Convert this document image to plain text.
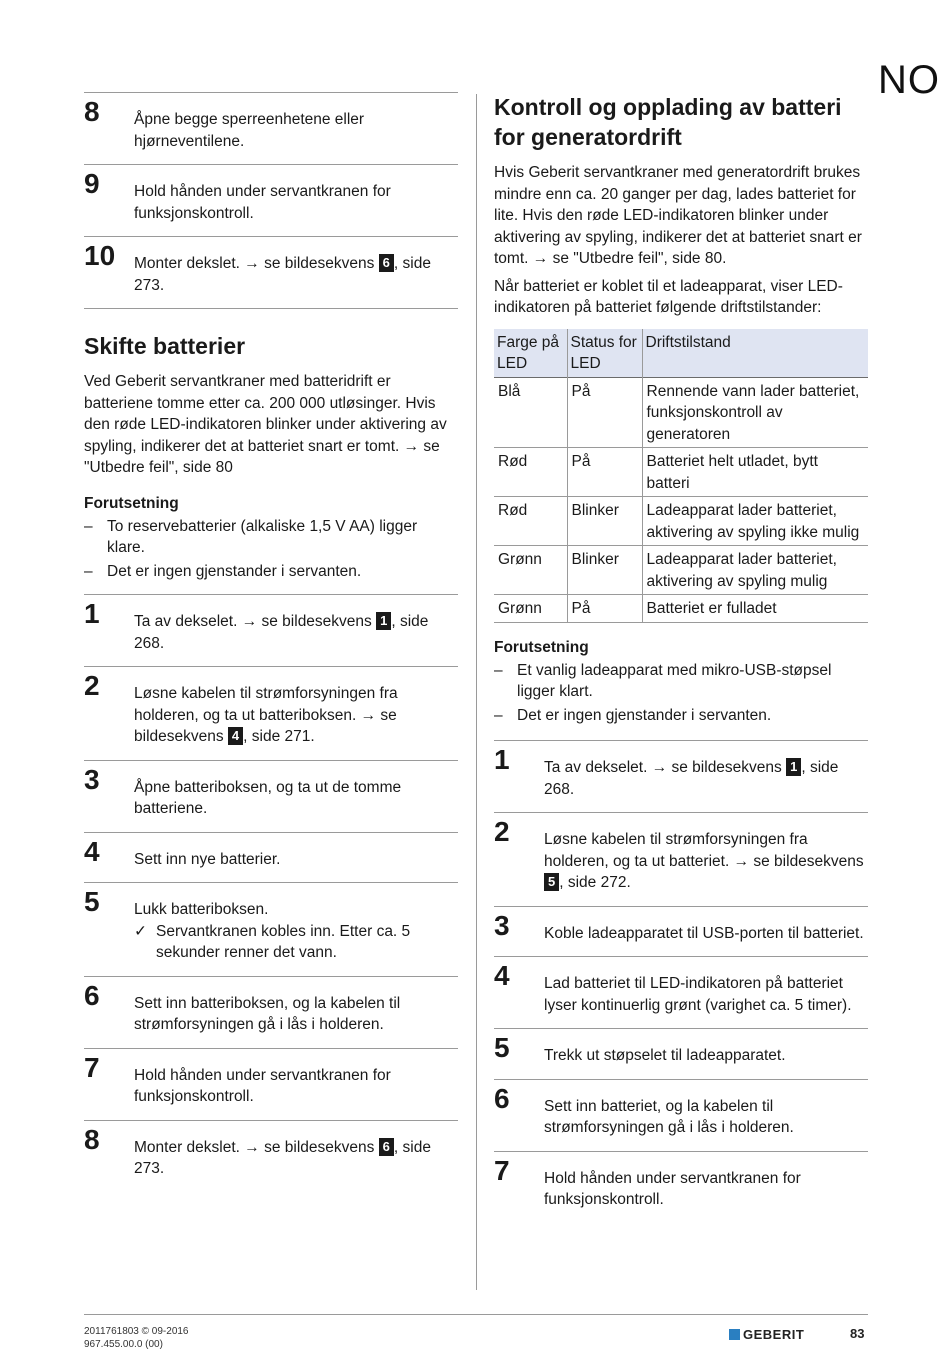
NO
8 Åpne begge sperreenhetene eller hjørneventilene.
9 Hold hånden under servantkranen for funksjonskontroll.
10 Monter dekslet. → se bildesekvens 6 , side 273.
Skifte batterier

Ved Geberit servantkraner med batteridrift er batteriene tomme etter ca. 200 000 utløsinger. Hvis den røde LED-indikatoren blinker under aktivering av spyling, indikerer det at batteriet snart er tomt. → se "Utbedre feil", side 80

Forutsetning

– To reservebatterier (alkaliske 1,5 V AA) ligger klare.
– Det er ingen gjenstander i servanten.
1 Ta av dekselet. → se bildesekvens 1 , side 268.
2 Løsne kabelen til strømforsyningen fra holderen, og ta ut batteriboksen. → se bildesekvens 4 , side 271.
3 Åpne batteriboksen, og ta ut de tomme batteriene.
4 Sett inn nye batterier.
5 Lukk batteriboksen.
✓ Servantkranen kobles inn. Etter ca. 5 sekunder renner det vann.
6 Sett inn batteriboksen, og la kabelen til strømforsyningen gå i lås i holderen.
7 Hold hånden under servantkranen for funksjonskontroll.
8 Monter dekslet. → se bildesekvens 6 , side 273.
Kontroll og opplading av batteri for generatordrift

Hvis Geberit servantkraner med generatordrift brukes mindre enn ca. 20 ganger per dag, lades batteriet for lite. Hvis den røde LED-indikatoren blinker under aktivering av spyling, indikerer det at batteriet snart er tomt. → se "Utbedre feil", side 80.

Når batteriet er koblet til et ladeapparat, viser LED-indikatoren på batteriet følgende driftstilstander:

Farge på LED	Status for LED	Driftstilstand
Blå	På	Rennende vann lader batteriet, funksjonskontroll av generatoren
Rød	På	Batteriet helt utladet, bytt batteri
Rød	Blinker	Ladeapparat lader batteriet, aktivering av spyling ikke mulig
Grønn	Blinker	Ladeapparat lader batteriet, aktivering av spyling mulig
Grønn	På	Batteriet er fulladet

Forutsetning

– Et vanlig ladeapparat med mikro-USB-støpsel ligger klart.
– Det er ingen gjenstander i servanten.
1 Ta av dekselet. → se bildesekvens 1 , side 268.
2 Løsne kabelen til strømforsyningen fra holderen, og ta ut batteriet. → se bildesekvens 5 , side 272.
3 Koble ladeapparatet til USB-porten til batteriet.
4 Lad batteriet til LED-indikatoren på batteriet lyser kontinuerlig grønt (varighet ca. 5 timer).
5 Trekk ut støpselet til ladeapparatet.
6 Sett inn batteriet, og la kabelen til strømforsyningen gå i lås i holderen.
7 Hold hånden under servantkranen for funksjonskontroll.
2011761803 © 09-2016
967.455.00.0 (00)
GEBERIT	83
